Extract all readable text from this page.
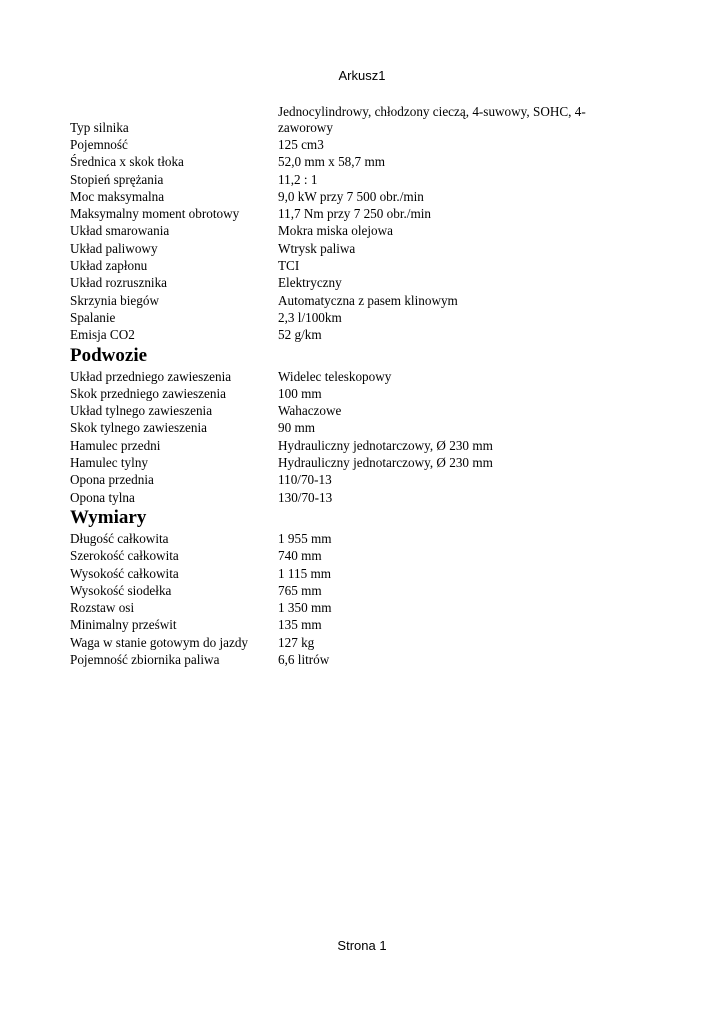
Arkusz1
Typ silnika	Jednocylindrowy, chłodzony cieczą, 4-suwowy, SOHC, 4-zaworowy
Pojemność	125 cm3
Średnica x skok tłoka	52,0 mm x 58,7 mm
Stopień sprężania	11,2 : 1
Moc maksymalna	9,0 kW przy 7 500 obr./min
Maksymalny moment obrotowy	11,7 Nm przy 7 250 obr./min
Układ smarowania	Mokra miska olejowa
Układ paliwowy	Wtrysk paliwa
Układ zapłonu	TCI
Układ rozrusznika	Elektryczny
Skrzynia biegów	Automatyczna z pasem klinowym
Spalanie	2,3 l/100km
Emisja CO2	52 g/km
Podwozie
Układ przedniego zawieszenia	Widelec teleskopowy
Skok przedniego zawieszenia	100 mm
Układ tylnego zawieszenia	Wahaczowe
Skok tylnego zawieszenia	90 mm
Hamulec przedni	Hydrauliczny jednotarczowy, Ø 230 mm
Hamulec tylny	Hydrauliczny jednotarczowy, Ø 230 mm
Opona przednia	110/70-13
Opona tylna	130/70-13
Wymiary
Długość całkowita	1 955 mm
Szerokość całkowita	740 mm
Wysokość całkowita	1 115 mm
Wysokość siodełka	765 mm
Rozstaw osi	1 350 mm
Minimalny prześwit	135 mm
Waga w stanie gotowym do jazdy	127 kg
Pojemność zbiornika paliwa	6,6 litrów
Strona 1
